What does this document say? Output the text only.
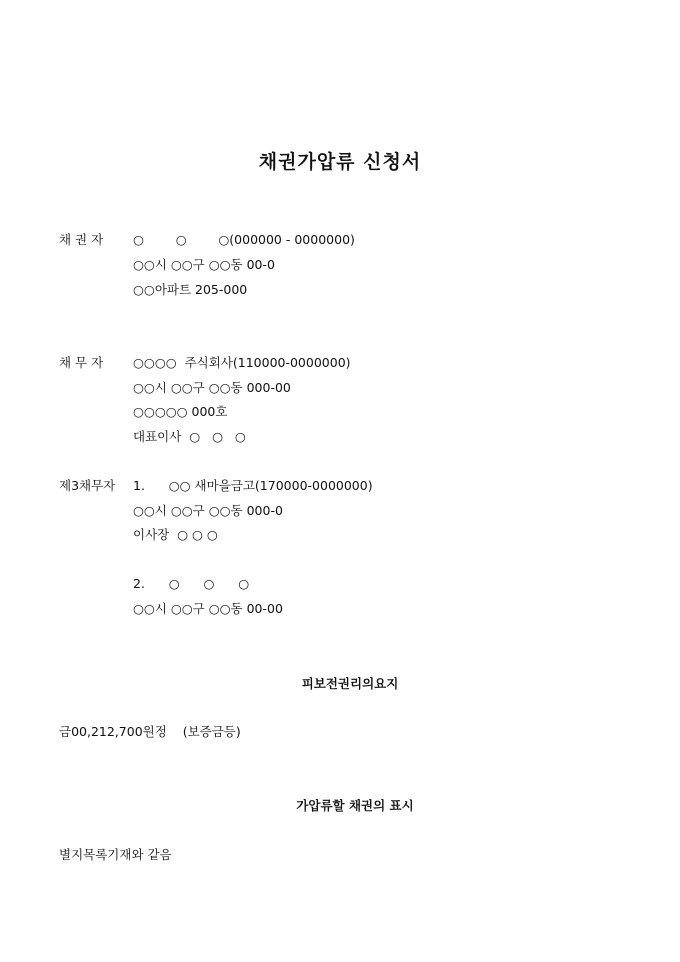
채권가압류 신청서
채 권 자 ○        ○        ○(000000 - 0000000)
○○시 ○○구 ○○동 00-0
○○아파트 205-000
채 무 자 ○○○○  주식회사(110000-0000000)
○○시 ○○구 ○○동 000-00
○○○○○ 000호
대표이사  ○   ○   ○
제3채무자 1.      ○○ 새마을금고(170000-0000000)
○○시 ○○구 ○○동 000-0
이사장  ○ ○ ○
2.      ○      ○      ○
○○시 ○○구 ○○동 00-00
피보전권리의요지
금00,212,700원정    (보증금등)
가압류할 채권의 표시
별지목록기재와 같음
